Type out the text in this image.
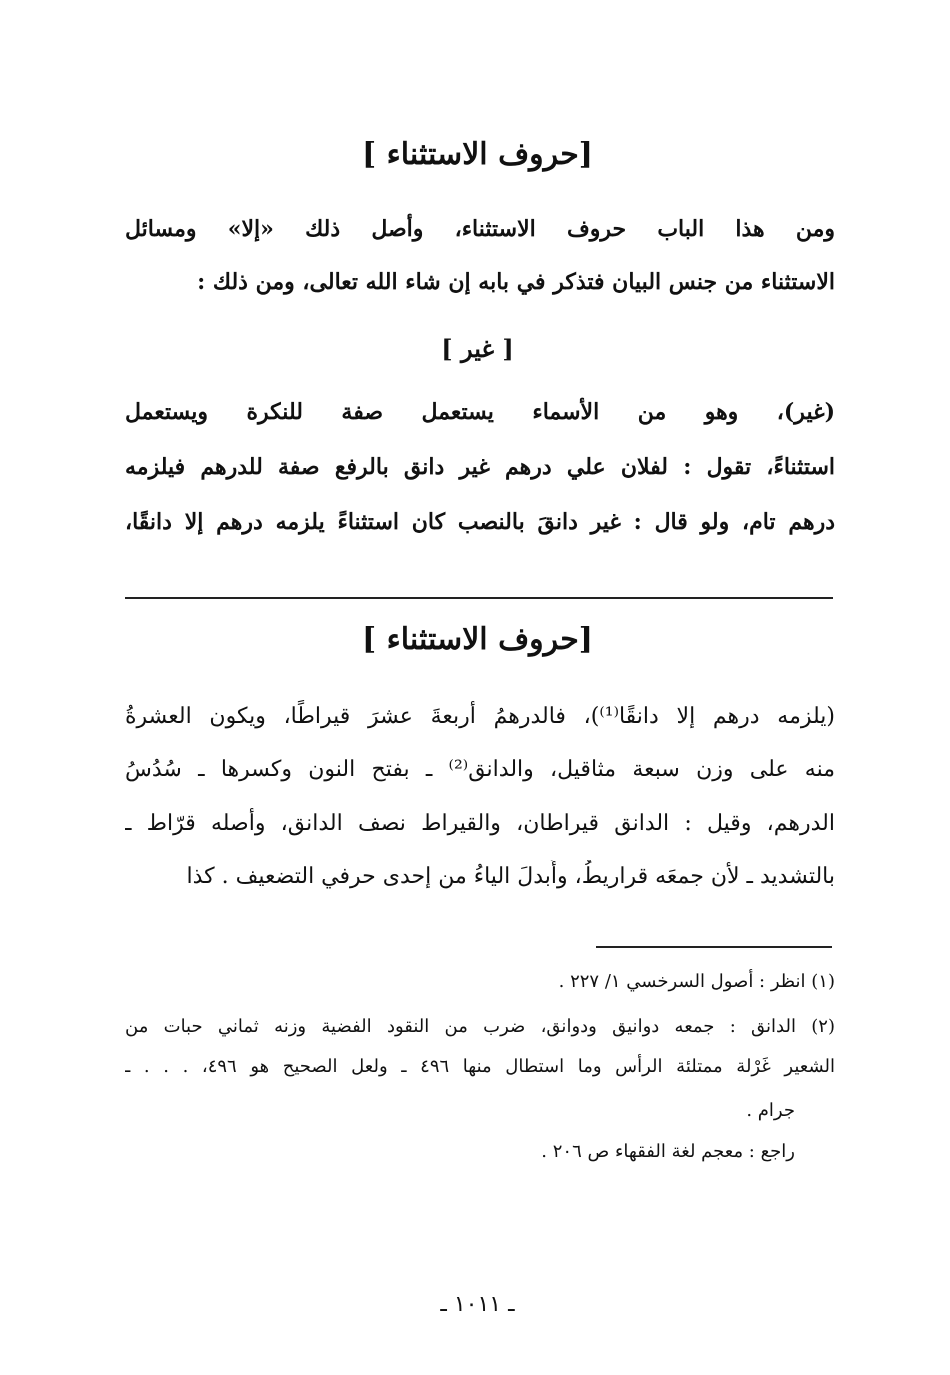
[حروف الاستثناء ]
ومن هذا الباب حروف الاستثناء، وأصل ذلك «إلا» ومسائل
الاستثناء من جنس البيان فتذكر في بابه إن شاء الله تعالى، ومن ذلك :
[ غير ]
(غير)، وهو من الأسماء يستعمل صفة للنكرة ويستعمل
استثناءً، تقول : لفلان علي درهم غير دانق بالرفع صفة للدرهم فيلزمه
درهم تام، ولو قال : غير دانقَ بالنصب كان استثناءً يلزمه درهم إلا دانقًا،
[حروف الاستثناء ]
(يلزمه درهم إلا دانقًا⁽¹⁾)، فالدرهمُ أربعةَ عشرَ قيراطًا، ويكون العشرةُ
منه على وزن سبعة مثاقيل، والدانق⁽²⁾ ـ بفتح النون وكسرها ـ سُدُسُ
الدرهم، وقيل : الدانق قيراطان، والقيراط نصف الدانق، وأصله قرّاط ـ
بالتشديد ـ لأن جمعَه قراريطُ، وأُبدلَ الياءُ من إحدى حرفي التضعيف . كذا
(١) انظر : أصول السرخسي ١/ ٢٢٧ .
(٢) الدانق : جمعه دوانيق ودوانق، ضرب من النقود الفضية وزنه ثماني حبات من
الشعير غَرْلة ممتلئة الرأس وما استطال منها ٤٩٦ ـ ولعل الصحيح هو ٤٩٦، . . . ـ
جرام .
راجع : معجم لغة الفقهاء ص ٢٠٦ .
ـ ١٠١١ ـ
